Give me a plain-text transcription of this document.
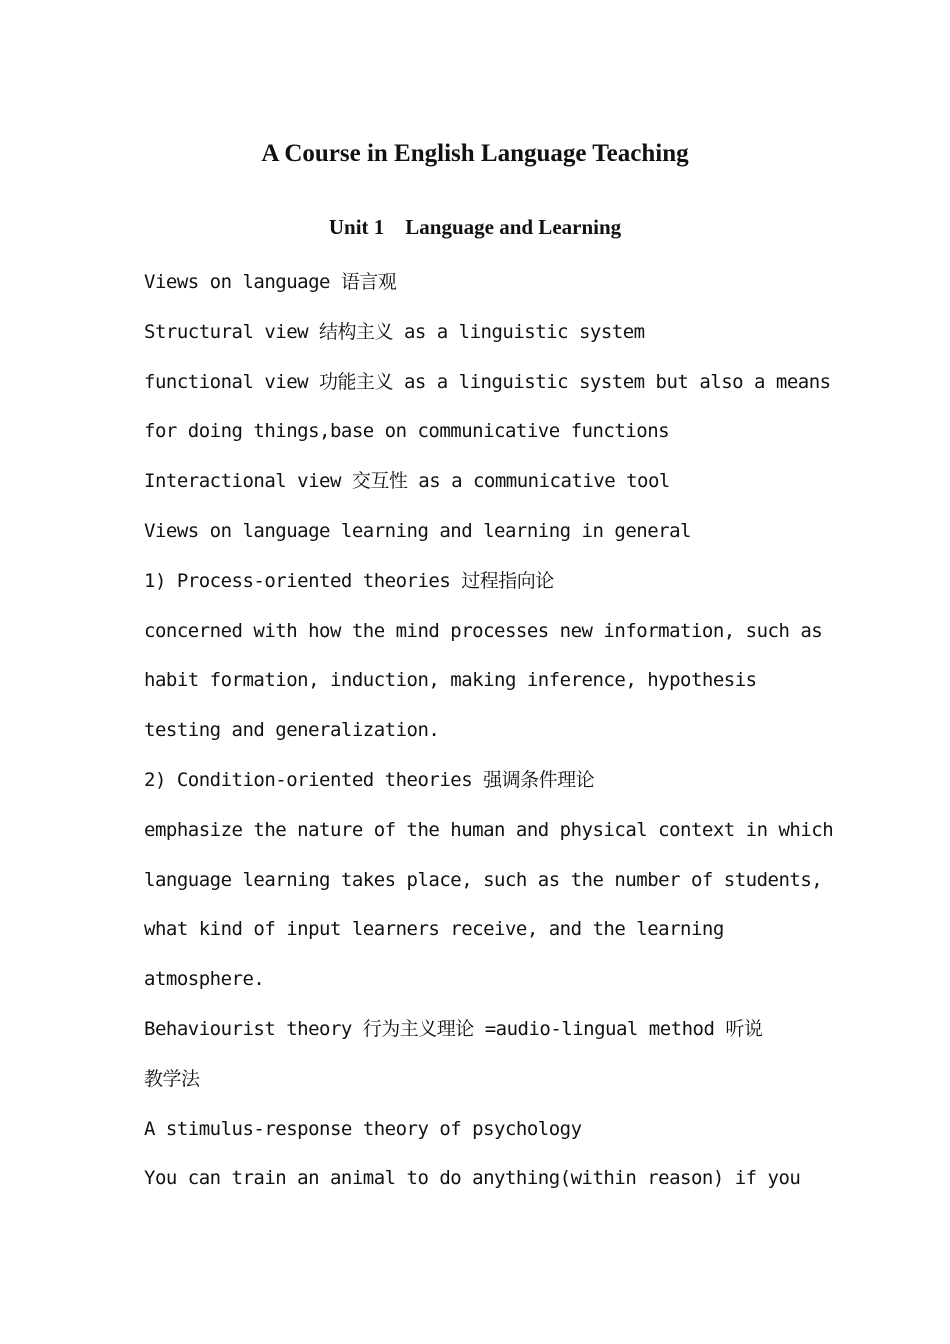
A Course in English Language Teaching
Unit 1    Language and Learning
Views on language 语言观
Structural view 结构主义 as a linguistic system
functional view 功能主义 as a linguistic system but also a means
for doing things,base on communicative functions
Interactional view 交互性 as a communicative tool
Views on language learning and learning in general
1) Process-oriented theories 过程指向论
concerned with how the mind processes new information, such as
habit formation, induction, making inference, hypothesis
testing and generalization.
2) Condition-oriented theories 强调条件理论
emphasize the nature of the human and physical context in which
language learning takes place, such as the number of students,
what kind of input learners receive, and the learning
atmosphere.
Behaviourist theory 行为主义理论 =audio-lingual method 听说
教学法
A stimulus-response theory of psychology
You can train an animal to do anything(within reason) if you
